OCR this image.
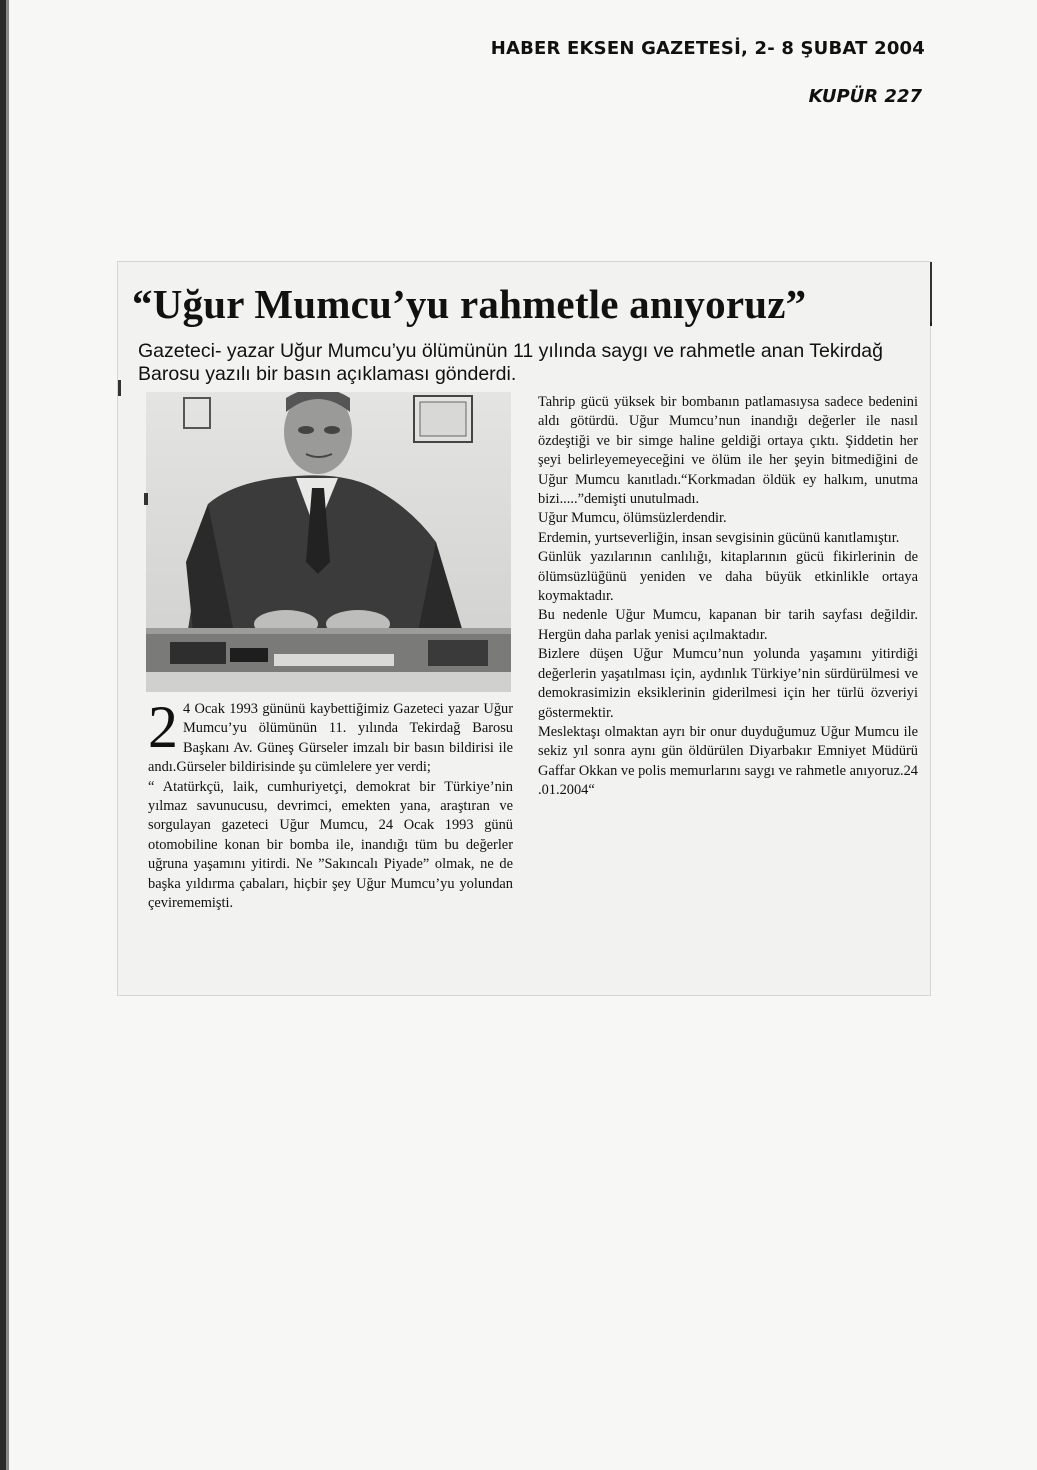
HABER EKSEN GAZETESİ, 2- 8 ŞUBAT 2004
KUPÜR 227
“Uğur Mumcu’yu rahmetle anıyoruz”
Gazeteci- yazar Uğur Mumcu’yu ölümünün 11 yılında saygı ve rahmetle anan Tekirdağ Barosu yazılı bir basın açıklaması gönderdi.

Tahrip gücü yüksek bir bombanın patlamasıysa sadece bedenini aldı götürdü. Uğur Mumcu’nun inandığı değerler ile nasıl özdeştiği ve bir simge haline geldiği ortaya çıktı. Şiddetin her şeyi belirleyemeyeceğini ve ölüm ile her şeyin bitmediğini de Uğur Mumcu kanıtladı.“Korkmadan öldük ey halkım, unutma bizi.....”demişti unutulmadı.

Uğur Mumcu, ölümsüzlerdendir.

Erdemin, yurtseverliğin, insan sevgisinin gücünü kanıtlamıştır.

Günlük yazılarının canlılığı, kitaplarının gücü fikirlerinin de ölümsüzlüğünü yeniden ve daha büyük etkinlikle ortaya koymaktadır.

Bu nedenle Uğur Mumcu, kapanan bir tarih sayfası değildir. Hergün daha parlak yenisi açılmaktadır.

Bizlere düşen Uğur Mumcu’nun yolunda yaşamını yitirdiği değerlerin yaşatılması için, aydınlık Türkiye’nin sürdürülmesi ve demokrasimizin eksiklerinin giderilmesi için her türlü özveriyi göstermektir.

Meslektaşı olmaktan ayrı bir onur duyduğumuz Uğur Mumcu ile sekiz yıl sonra aynı gün öldürülen Diyarbakır Emniyet Müdürü Gaffar Okkan ve polis memurlarını saygı ve rahmetle anıyoruz.24 .01.2004“

2 4 Ocak 1993 gününü kaybettiğimiz Gazeteci yazar Uğur Mumcu’yu ölümünün 11. yılında Tekirdağ Barosu Başkanı Av. Güneş Gürseler imzalı bir basın bildirisi ile andı.Gürseler bildirisinde şu cümlelere yer verdi;

“ Atatürkçü, laik, cumhuriyetçi, demokrat bir Türkiye’nin yılmaz savunucusu, devrimci, emekten yana, araştıran ve sorgulayan gazeteci Uğur Mumcu, 24 Ocak 1993 günü otomobiline konan bir bomba ile, inandığı tüm bu değerler uğruna yaşamını yitirdi. Ne ”Sakıncalı Piyade” olmak, ne de başka yıldırma çabaları, hiçbir şey Uğur Mumcu’yu yolundan çevirememişti.
